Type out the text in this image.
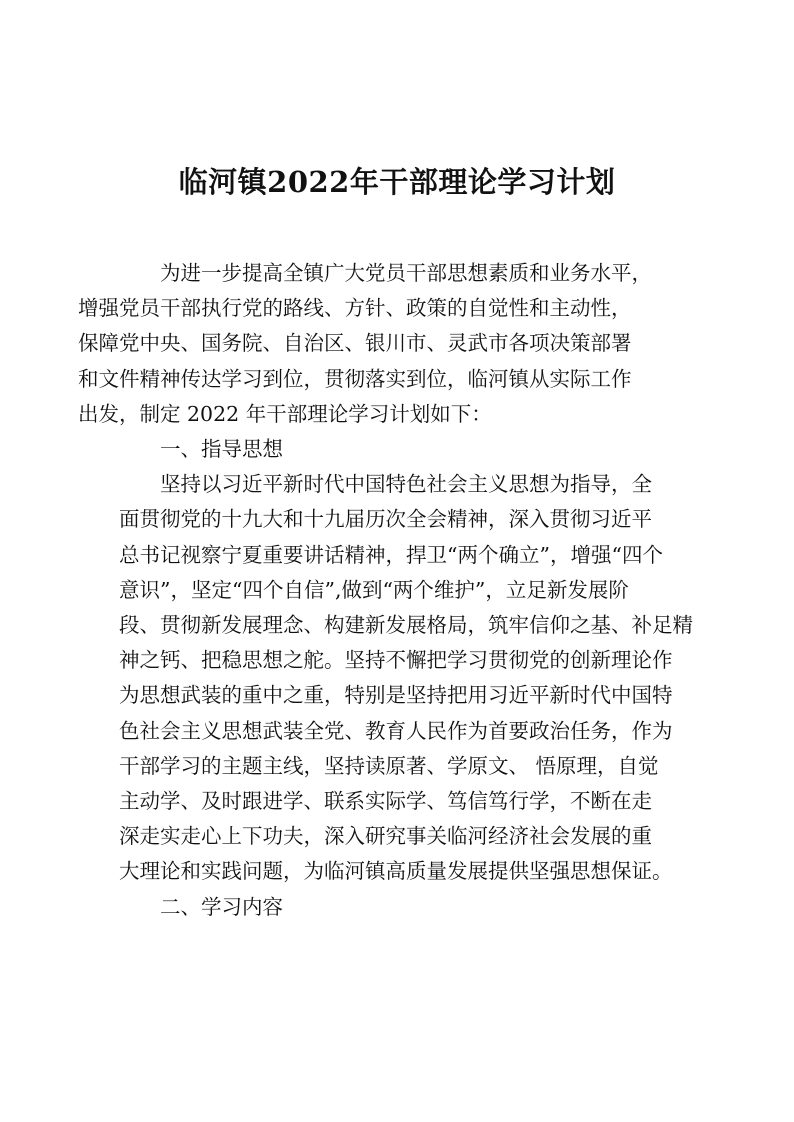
临河镇2022年干部理论学习计划

为进一步提高全镇广大党员干部思想素质和业务水平，
增强党员干部执行党的路线、方针、政策的自觉性和主动性，
保障党中央、国务院、自治区、银川市、灵武市各项决策部署
和文件精神传达学习到位，贯彻落实到位，临河镇从实际工作
出发，制定 2022 年干部理论学习计划如下：

一、指导思想

坚持以习近平新时代中国特色社会主义思想为指导，全
面贯彻党的十九大和十九届历次全会精神，深入贯彻习近平
总书记视察宁夏重要讲话精神，捍卫“两个确立”，增强“四个
意识”，坚定“四个自信”,做到“两个维护”，立足新发展阶
段、贯彻新发展理念、构建新发展格局，筑牢信仰之基、补足精
神之钙、把稳思想之舵。坚持不懈把学习贯彻党的创新理论作
为思想武装的重中之重，特别是坚持把用习近平新时代中国特
色社会主义思想武装全党、教育人民作为首要政治任务，作为
干部学习的主题主线，坚持读原著、学原文、 悟原理，自觉
主动学、及时跟进学、联系实际学、笃信笃行学，不断在走
深走实走心上下功夫，深入研究事关临河经济社会发展的重
大理论和实践问题，为临河镇高质量发展提供坚强思想保证。

二、学习内容
